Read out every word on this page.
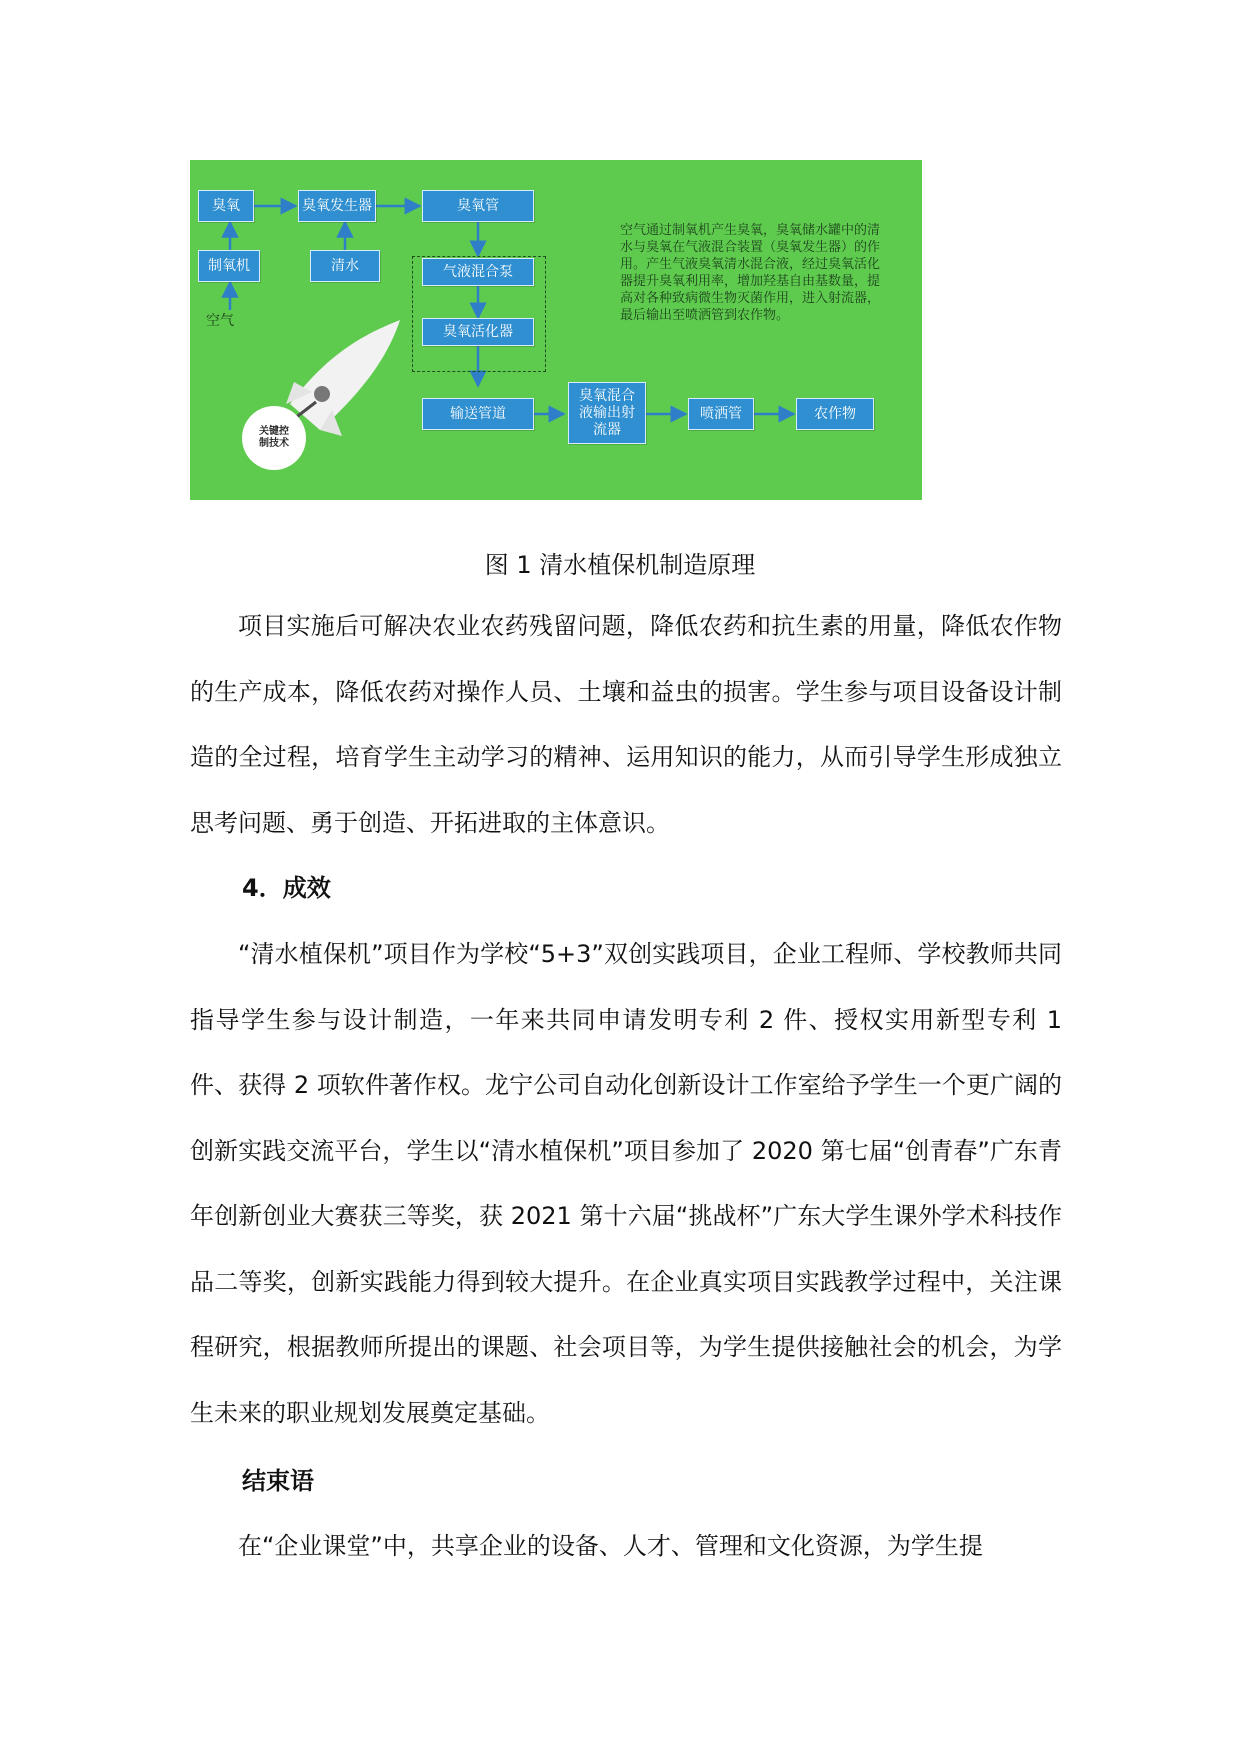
臭氧	臭氧发生器	臭氧管
制氧机	清水
空气
气液混合泵
臭氧活化器
空气通过制氧机产生臭氧，臭氧储水罐中的清水与臭氧在气液混合装置（臭氧发生器）的作用。产生气液臭氧清水混合液，经过臭氧活化器提升臭氧利用率，增加羟基自由基数量，提高对各种致病微生物灭菌作用，进入射流器，最后输出至喷洒管到农作物。
输送管道
臭氧混合液输出射流器
喷洒管	农作物
关键控制技术
图 1 清水植保机制造原理

项目实施后可解决农业农药残留问题，降低农药和抗生素的用量，降低农作物的生产成本，降低农药对操作人员、土壤和益虫的损害。学生参与项目设备设计制造的全过程，培育学生主动学习的精神、运用知识的能力，从而引导学生形成独立思考问题、勇于创造、开拓进取的主体意识。

4．成效

“清水植保机”项目作为学校“5+3”双创实践项目，企业工程师、学校教师共同指导学生参与设计制造，一年来共同申请发明专利 2 件、授权实用新型专利 1 件、获得 2 项软件著作权。龙宁公司自动化创新设计工作室给予学生一个更广阔的创新实践交流平台，学生以“清水植保机”项目参加了 2020 第七届“创青春”广东青年创新创业大赛获三等奖，获 2021 第十六届“挑战杯”广东大学生课外学术科技作品二等奖，创新实践能力得到较大提升。在企业真实项目实践教学过程中，关注课程研究，根据教师所提出的课题、社会项目等，为学生提供接触社会的机会，为学生未来的职业规划发展奠定基础。

结束语

在“企业课堂”中，共享企业的设备、人才、管理和文化资源，为学生提
